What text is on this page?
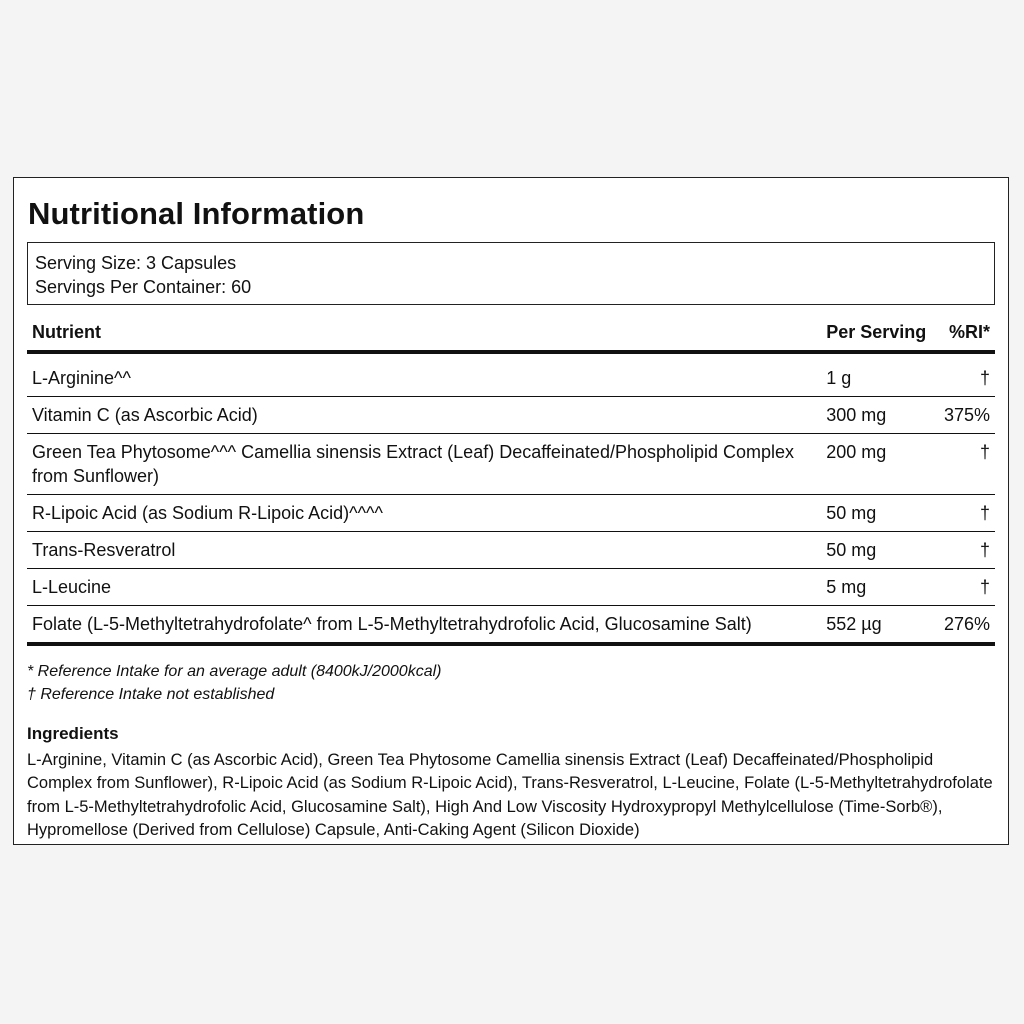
Nutritional Information
Serving Size: 3 Capsules
Servings Per Container: 60
Nutrient	Per Serving	%RI*
L-Arginine^^	1 g	†
Vitamin C (as Ascorbic Acid)	300 mg	375%
Green Tea Phytosome^^^ Camellia sinensis Extract (Leaf) Decaffeinated/Phospholipid Complex from Sunflower)	200 mg	†
R-Lipoic Acid (as Sodium R-Lipoic Acid)^^^^	50 mg	†
Trans-Resveratrol	50 mg	†
L-Leucine	5 mg	†
Folate (L-5-Methyltetrahydrofolate^ from L-5-Methyltetrahydrofolic Acid, Glucosamine Salt)	552 µg	276%
* Reference Intake for an average adult (8400kJ/2000kcal)
† Reference Intake not established
Ingredients
L-Arginine, Vitamin C (as Ascorbic Acid), Green Tea Phytosome Camellia sinensis Extract (Leaf) Decaffeinated/Phospholipid Complex from Sunflower), R-Lipoic Acid (as Sodium R-Lipoic Acid), Trans-Resveratrol, L-Leucine, Folate (L-5-Methyltetrahydrofolate from L-5-Methyltetrahydrofolic Acid, Glucosamine Salt), High And Low Viscosity Hydroxypropyl Methylcellulose (Time-Sorb®), Hypromellose (Derived from Cellulose) Capsule, Anti-Caking Agent (Silicon Dioxide)
